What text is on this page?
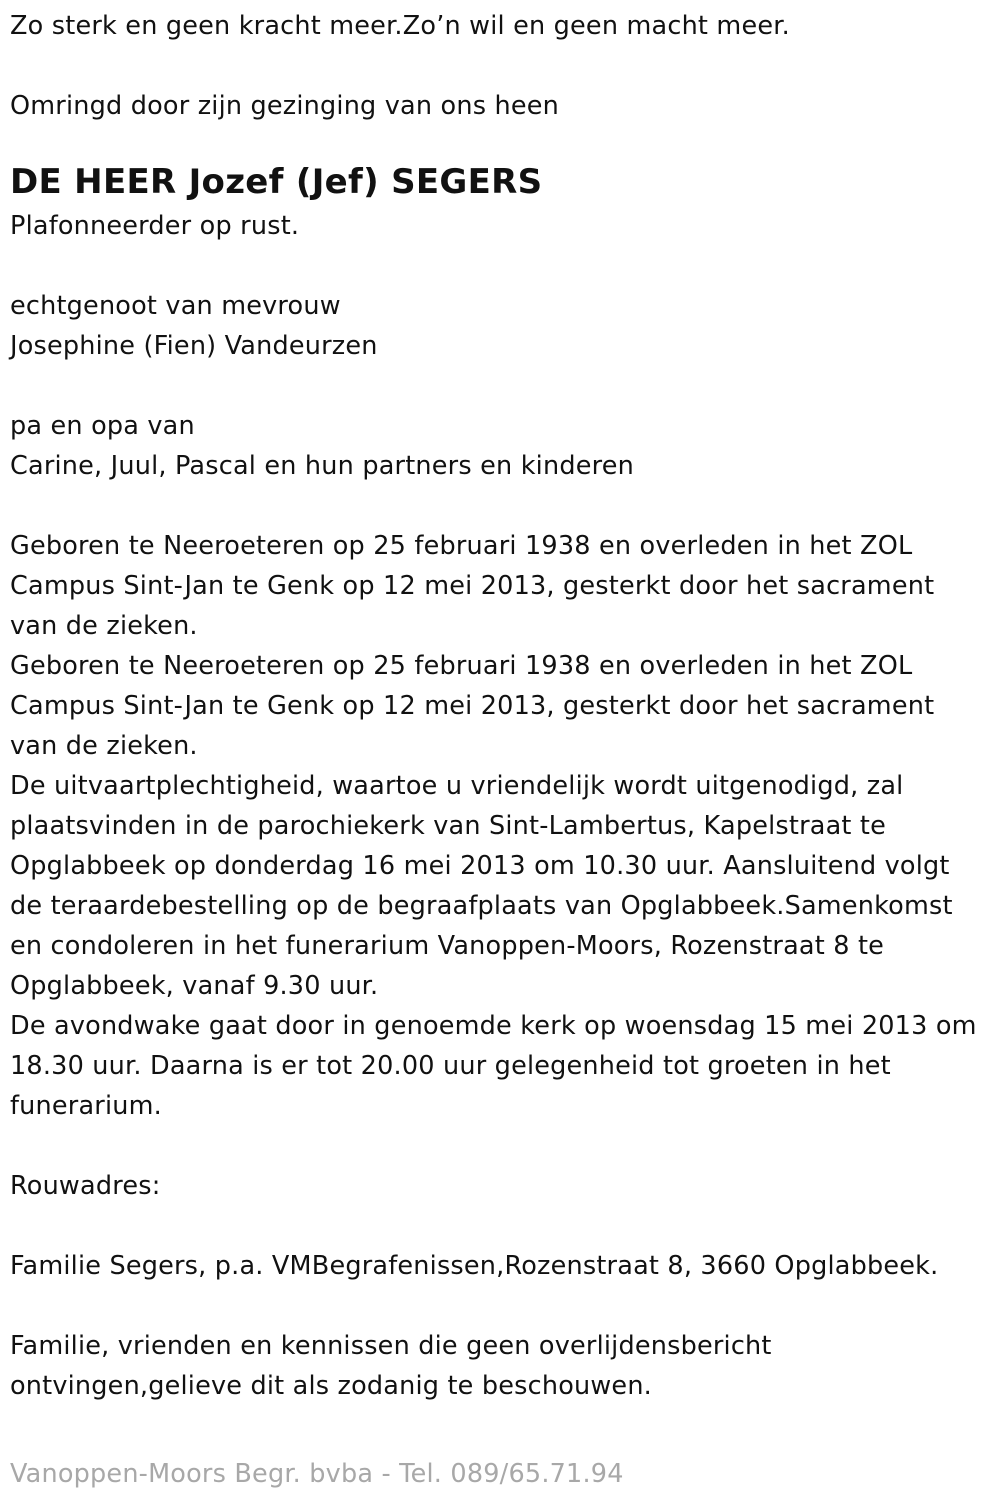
Zo sterk en geen kracht meer.Zo’n wil en geen macht meer.
Omringd door zijn gezinging van ons heen
DE HEER Jozef (Jef) SEGERS
Plafonneerder op rust.
echtgenoot van mevrouw
Josephine (Fien) Vandeurzen
pa en opa van
Carine, Juul, Pascal en hun partners en kinderen
Geboren te Neeroeteren op 25 februari 1938 en overleden in het ZOL
Campus Sint-Jan te Genk op 12 mei 2013, gesterkt door het sacrament
van de zieken.
Geboren te Neeroeteren op 25 februari 1938 en overleden in het ZOL
Campus Sint-Jan te Genk op 12 mei 2013, gesterkt door het sacrament
van de zieken.
De uitvaartplechtigheid, waartoe u vriendelijk wordt uitgenodigd, zal
plaatsvinden in de parochiekerk van Sint-Lambertus, Kapelstraat te
Opglabbeek op donderdag 16 mei 2013 om 10.30 uur. Aansluitend volgt
de teraardebestelling op de begraafplaats van Opglabbeek.Samenkomst
en condoleren in het funerarium Vanoppen-Moors, Rozenstraat 8 te
Opglabbeek, vanaf 9.30 uur.
De avondwake gaat door in genoemde kerk op woensdag 15 mei 2013 om
18.30 uur. Daarna is er tot 20.00 uur gelegenheid tot groeten in het
funerarium.
Rouwadres:
Familie Segers, p.a. VMBegrafenissen,Rozenstraat 8, 3660 Opglabbeek.
Familie, vrienden en kennissen die geen overlijdensbericht
ontvingen,gelieve dit als zodanig te beschouwen.
Vanoppen-Moors Begr. bvba - Tel. 089/65.71.94
